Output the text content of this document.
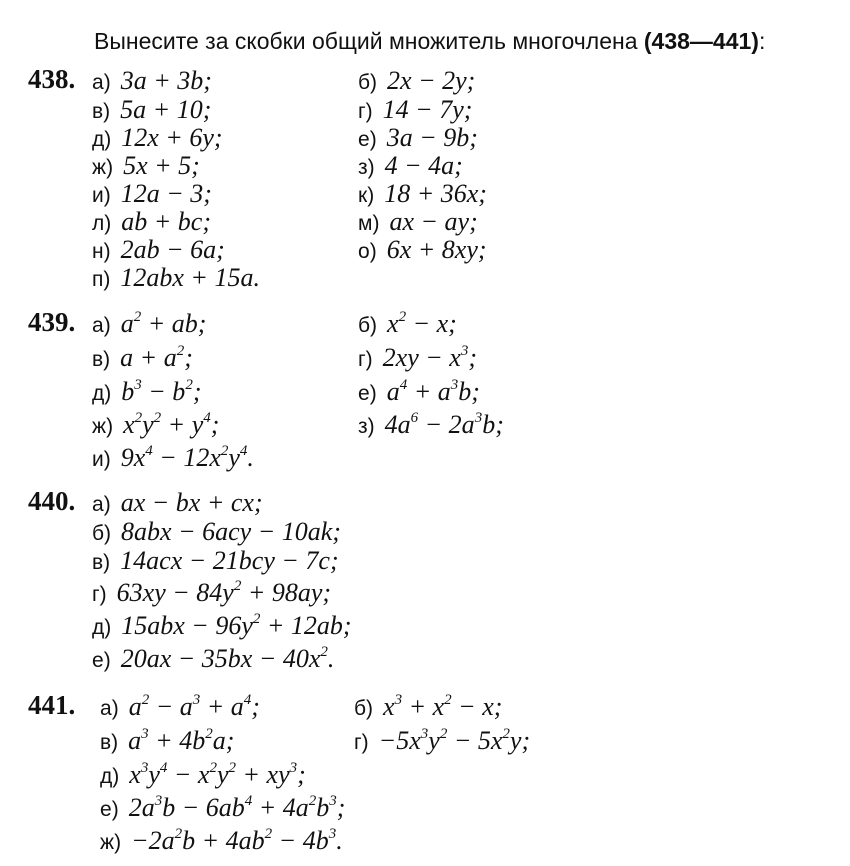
Вынесите за скобки общий множитель многочлена (438—441):
438 .	а ) 3a + 3b;	б ) 2x − 2y;
в ) 5a + 10;	г ) 14 − 7y;
д ) 12x + 6y;	е ) 3a − 9b;
ж ) 5x + 5;	з ) 4 − 4a;
и ) 12a − 3;	к ) 18 + 36x;
л ) ab + bc;	м ) ax − ay;
н ) 2ab − 6a;	о ) 6x + 8xy;
п ) 12abx + 15a.
439 .	а ) $a^2$ + ab;	б ) $x^2 - x$;
в ) $a + a^2$;	г ) $2xy - x^3$;
д ) $b^3 - b^2$;	е ) $a^4 + a^3b$;
ж ) $x^2y^2 + y^4$;	з ) $4a^6 - 2a^3b$;
и ) $9x^4 - 12x^2y^4$.
440 .	а ) ax − bx + cx;
б ) 8abx − 6acy − 10ak;
в ) 14acx − 21bcy − 7c;
г ) $63xy - 84y^2 + 98ay$;
д ) $15abx - 96y^2 + 12ab$;
е ) $20ax - 35bx - 40x^2$.
441 .	а ) $a^2 - a^3 + a^4$;	б ) $x^3 + x^2 - x$;
в ) $a^3 + 4b^2a$;	г ) $-5x^3y^2 - 5x^2y$;
д ) $x^3y^4 - x^2y^2 + xy^3$;
е ) $2a^3b - 6ab^4 + 4a^2b^3$;
ж ) $-2a^2b + 4ab^2 - 4b^3$.
